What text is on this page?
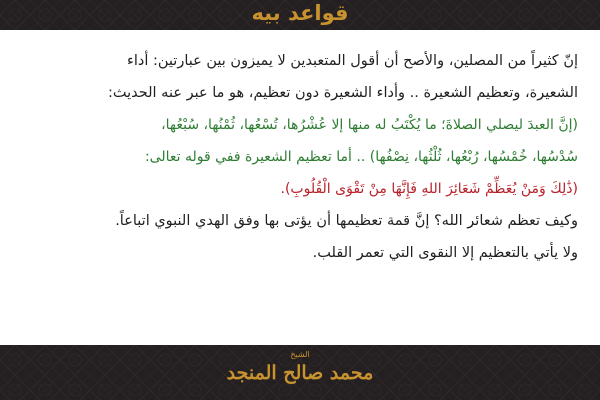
قواعد بيه

إنّ كثيراً من المصلين، والأصح أن أقول المتعبدين لا يميزون بين عبارتين: أداء

الشعيرة، وتعظيم الشعيرة .. وأداء الشعيرة دون تعظيم، هو ما عبر عنه الحديث:

(إنَّ العبدَ ليصلي الصلاةَ؛ ما يُكْتَبُ له منها إلا عُشْرُها، تُسْعُها، ثُمْنُها، سُبْعُها،

سُدْسُها، خُمْسُها، رُبْعُها، ثُلْثُها، نِصْفُها) .. أما تعظيم الشعيرة ففي قوله تعالى:

(ذَٰلِكَ وَمَنْ يُعَظِّمْ شَعَائِرَ اللهِ فَإِنَّهَا مِنْ تَقْوَى الْقُلُوبِ).

وكيف تعظم شعائر الله؟ إنَّ قمة تعظيمها أن يؤتى بها وفق الهدي النبوي اتباعاً.

ولا يأتي بالتعظيم إلا النقوى التي تعمر القلب.

الشيخ
محمد صالح المنجد
